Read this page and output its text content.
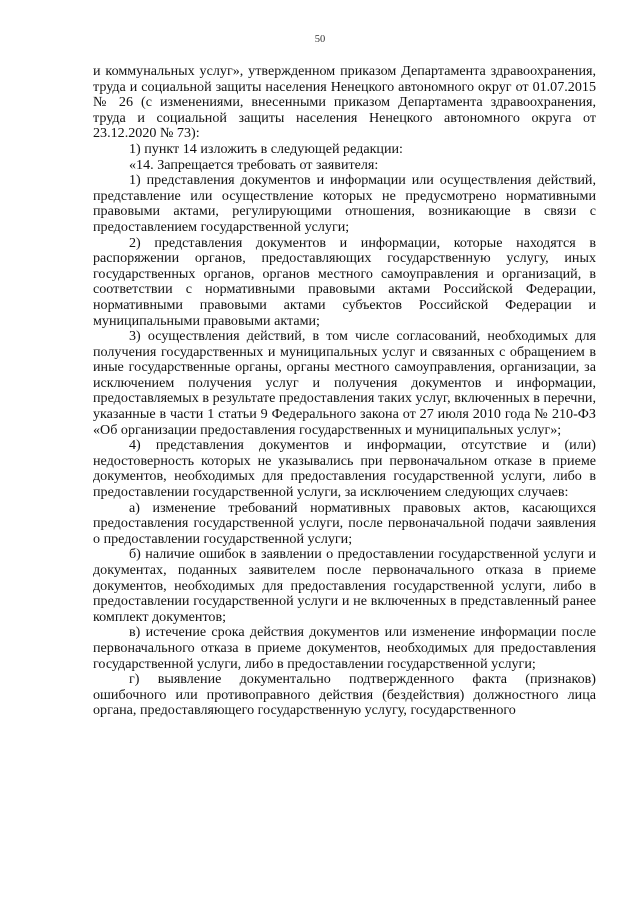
50

и коммунальных услуг», утвержденном приказом Департамента здравоохранения, труда и социальной защиты населения Ненецкого автономного округ от 01.07.2015 № 26 (с изменениями, внесенными приказом Департамента здравоохранения, труда и социальной защиты населения Ненецкого автономного округа от 23.12.2020 № 73):

1) пункт 14 изложить в следующей редакции:

«14. Запрещается требовать от заявителя:

1) представления документов и информации или осуществления действий, представление или осуществление которых не предусмотрено нормативными правовыми актами, регулирующими отношения, возникающие в связи с предоставлением государственной услуги;

2) представления документов и информации, которые находятся в распоряжении органов, предоставляющих государственную услугу, иных государственных органов, органов местного самоуправления и организаций, в соответствии с нормативными правовыми актами Российской Федерации, нормативными правовыми актами субъектов Российской Федерации и муниципальными правовыми актами;

3) осуществления действий, в том числе согласований, необходимых для получения государственных и муниципальных услуг и связанных с обращением в иные государственные органы, органы местного самоуправления, организации, за исключением получения услуг и получения документов и информации, предоставляемых в результате предоставления таких услуг, включенных в перечни, указанные в части 1 статьи 9 Федерального закона от 27 июля 2010 года № 210-ФЗ «Об организации предоставления государственных и муниципальных услуг»;

4) представления документов и информации, отсутствие и (или) недостоверность которых не указывались при первоначальном отказе в приеме документов, необходимых для предоставления государственной услуги, либо в предоставлении государственной услуги, за исключением следующих случаев:

а) изменение требований нормативных правовых актов, касающихся предоставления государственной услуги, после первоначальной подачи заявления о предоставлении государственной услуги;

б) наличие ошибок в заявлении о предоставлении государственной услуги и документах, поданных заявителем после первоначального отказа в приеме документов, необходимых для предоставления государственной услуги, либо в предоставлении государственной услуги и не включенных в представленный ранее комплект документов;

в) истечение срока действия документов или изменение информации после первоначального отказа в приеме документов, необходимых для предоставления государственной услуги, либо в предоставлении государственной услуги;

г) выявление документально подтвержденного факта (признаков) ошибочного или противоправного действия (бездействия) должностного лица органа, предоставляющего государственную услугу, государственного
